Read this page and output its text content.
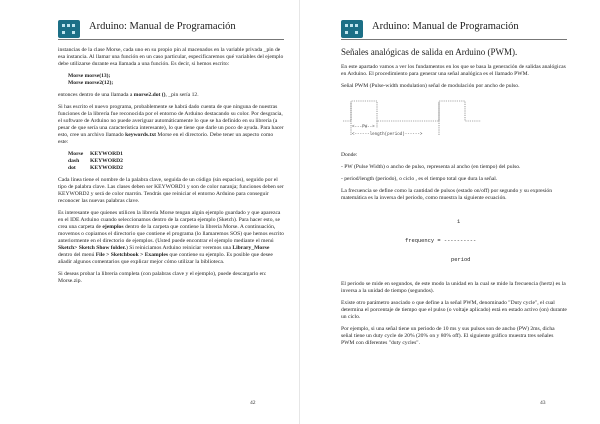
Arduino: Manual de Programación

instancias de la clase Morse, cada uno en su propio pin al macenados en la variable privada _pin de esa instancia. Al llamar una función en un caso particular, especificaremos qué variables del ejemplo debe utilizarse durante esa llamada a una función. Es decir, si hemos escrito:

Morse morse(13);
Morse morse2(12);

entonces dentro de una llamada a morse2.dot (), _pin sería 12.

Si has escrito el nuevo programa, probablemente se habrá dado cuenta de que ninguna de nuestras funciones de la librería fue reconocida por el entorno de Arduino destacando su color. Por desgracia, el software de Arduino no puede averiguar automáticamente lo que se ha definido en su librería (a pesar de que sería una característica interesante), lo que tiene que darle un poco de ayuda. Para hacer esto, cree un archivo llamado keywords.txt Morse en el directorio. Debe tener un aspecto como este:

Morse	KEYWORD1
dash	KEYWORD2
dot	KEYWORD2

Cada línea tiene el nombre de la palabra clave, seguida de un código (sin espacios), seguido por el tipo de palabra clave. Las clases deben ser KEYWORD1 y son de color naranja; funciones deben ser KEYWORD2 y será de color marrón. Tendrás que reiniciar el entorno Arduino para conseguir reconocer las nuevas palabras clave.

Es interesante que quienes utilicen la librería Morse tengan algún ejemplo guardado y que aparezca en el IDE Arduino cuando seleccionamos dentro de la carpeta ejemplo (Sketch). Para hacer esto, se crea una carpeta de ejemplos dentro de la carpeta que contiene la librería Morse. A continuación, movemos o copiamos el directorio que contiene el programa (lo llamaremos SOS) que hemos escrito anteriormente en el directorio de ejemplos. (Usted puede encontrar el ejemplo mediante el menú Sketch> Sketch Show folder.) Si reiniciamos Arduino reiniciar veremos una Library_Morse dentro del menú File > Sketchbook > Examples que contiene su ejemplo. Es posible que desee añadir algunos comentarios que explicar mejor cómo utilizar la biblioteca.

Si deseas probar la librería completa (con palabras clave y el ejemplo), puede descargarlo en: Morse.zip.

42
Arduino: Manual de Programación
Señales analógicas de salida en Arduino (PWM).

En este apartado vamos a ver los fundamentos en los que se basa la generación de salidas analógicas en Arduino. El procedimiento para generar una señal analógica es el llamado PWM.

Señal PWM (Pulse-width modulation) señal de modulación por ancho de pulso.

<---PW-->
<------length(period)------>

Donde:

- PW (Pulse Width) o ancho de pulso, representa al ancho (en tiempo) del pulso.

- period/length (periodo), o ciclo , es el tiempo total que dura la señal.

La frecuencia se define como la cantidad de pulsos (estado on/off) por segundo y su expresión matemática es la inversa del periodo, como muestra la siguiente ecuación.

1

frequency = ----------

period

El periodo se mide en segundos, de este modo la unidad en la cual se mide la frecuencia (hertz) es la inversa a la unidad de tiempo (segundos).

Existe otro parámetro asociado o que define a la señal PWM, denominado "Duty cycle", el cual determina el porcentaje de tiempo que el pulso (o voltaje aplicado) está en estado activo (on) durante un ciclo.

Por ejemplo, si una señal tiene un periodo de 10 ms y sus pulsos son de ancho (PW) 2ms, dicha señal tiene un duty cycle de 20% (20% on y 80% off). El siguiente gráfico muestra tres señales PWM con diferentes "duty cycles".

43
